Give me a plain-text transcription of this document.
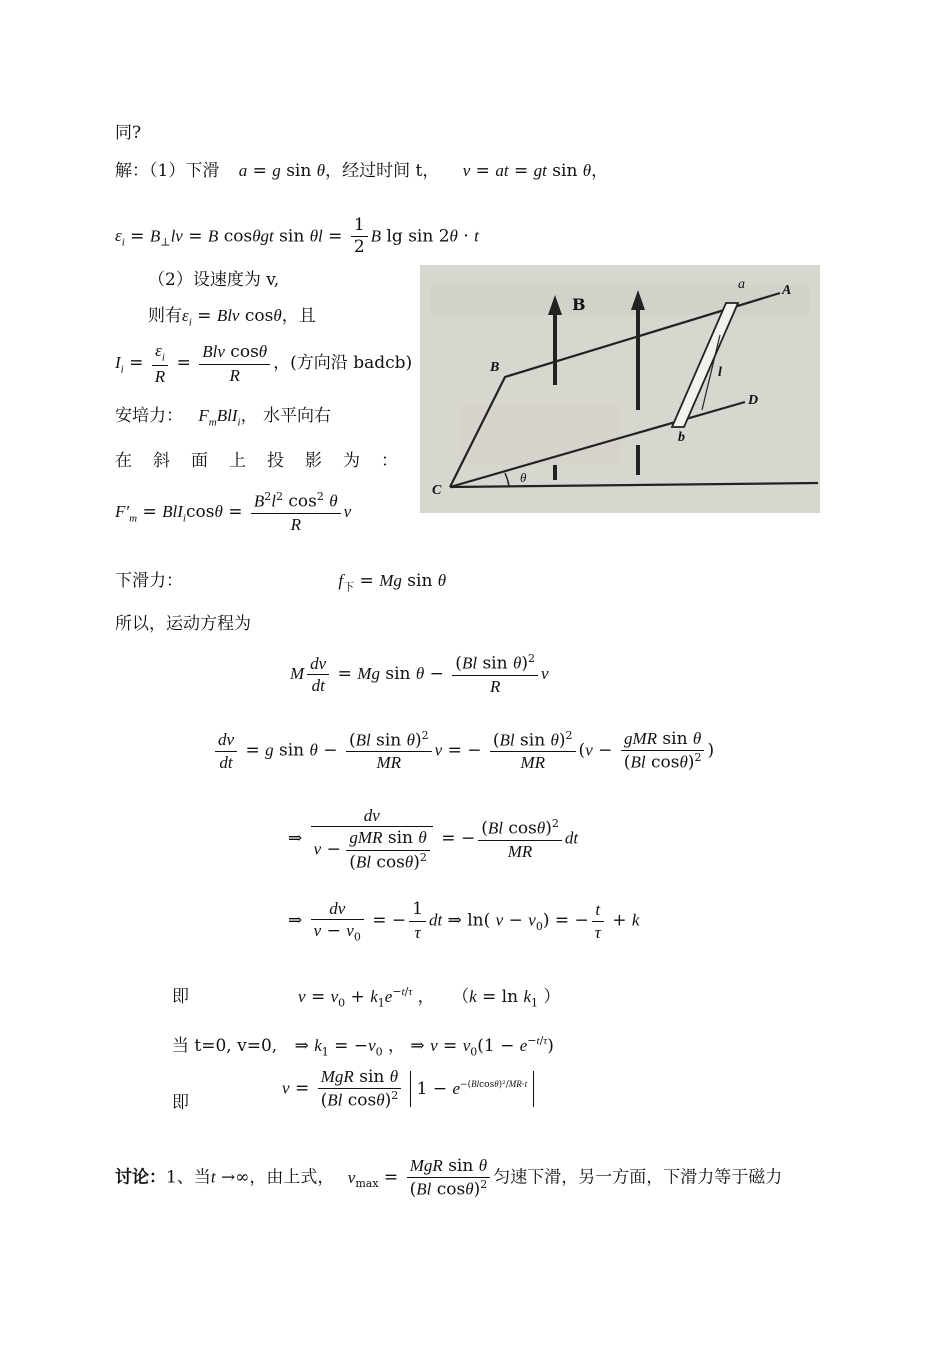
同?
解：（1）下滑 a = g sin θ，经过时间 t， v = at = gt sin θ，
$\varepsilon_i = B_\perp lv = B$ cosθgt $\sin \theta l = \frac{1}{2}$ B lg sin 2θ · t
（2）设速度为 v,
则有$\varepsilon_i$ = Blv cosθ，且
$I_i = \frac{\varepsilon_i}{R} = \frac{\text{Blv cosθ}}{R}$ ，(方向沿 badcb)
安培力： $F_mBlI_i$， 水平向右
在 斜 面 上 投 影 为 ：
$F'_m = BlI_i\cos\theta = \frac{B^2l^2 \cos^2 \theta}{R}$ v
a	A
B
B
D
b
l
C
θ
下滑力：	$f_下 = Mg$ sin θ
所以，运动方程为
M $\frac{dv}{dt} = Mg$ $\sin \theta - \frac{(Bl \sin \theta)^2}{R}$ v
$\frac{dv}{dt} = g$ $\sin \theta - \frac{(Bl \sin \theta)^2}{MR}$ v = − $\frac{(Bl \sin \theta)^2}{MR} (v - \frac{\text{gMR sin θ}}{(Bl \cos\theta)^2}$ )
⇒ $\frac{dv}{v - \frac{\text{gMR sin θ}}{(Bl \cos\theta)^2}}$ = − $\frac{(Bl \cos\theta)^2}{MR}$ dt
⇒ $\frac{dv}{v - v_0}$ = − $\frac{1}{\tau}$ dt ⇒ ln( $v - v_0$) = − $\frac{t}{\tau} + k$
即	$v = v_0 + k_1e^{-t/\tau}$ ， （$k = \ln k_1$ ）
当 t=0, v=0, ⇒ $k_1 = -v_0$ ， ⇒ $v = v_0(1 - e^{-t/\tau})$
即
$v = \frac{\text{MgR sin θ}}{(Bl \cos\theta)^2} 1 - e^{-(Blcos\theta)^2/MR\cdot t}$
讨论：1、当t →∞，由上式， $v_{max} = \frac{\text{MgR sin θ}}{(Bl \cos\theta)^2}$ 匀速下滑，另一方面，下滑力等于磁力
